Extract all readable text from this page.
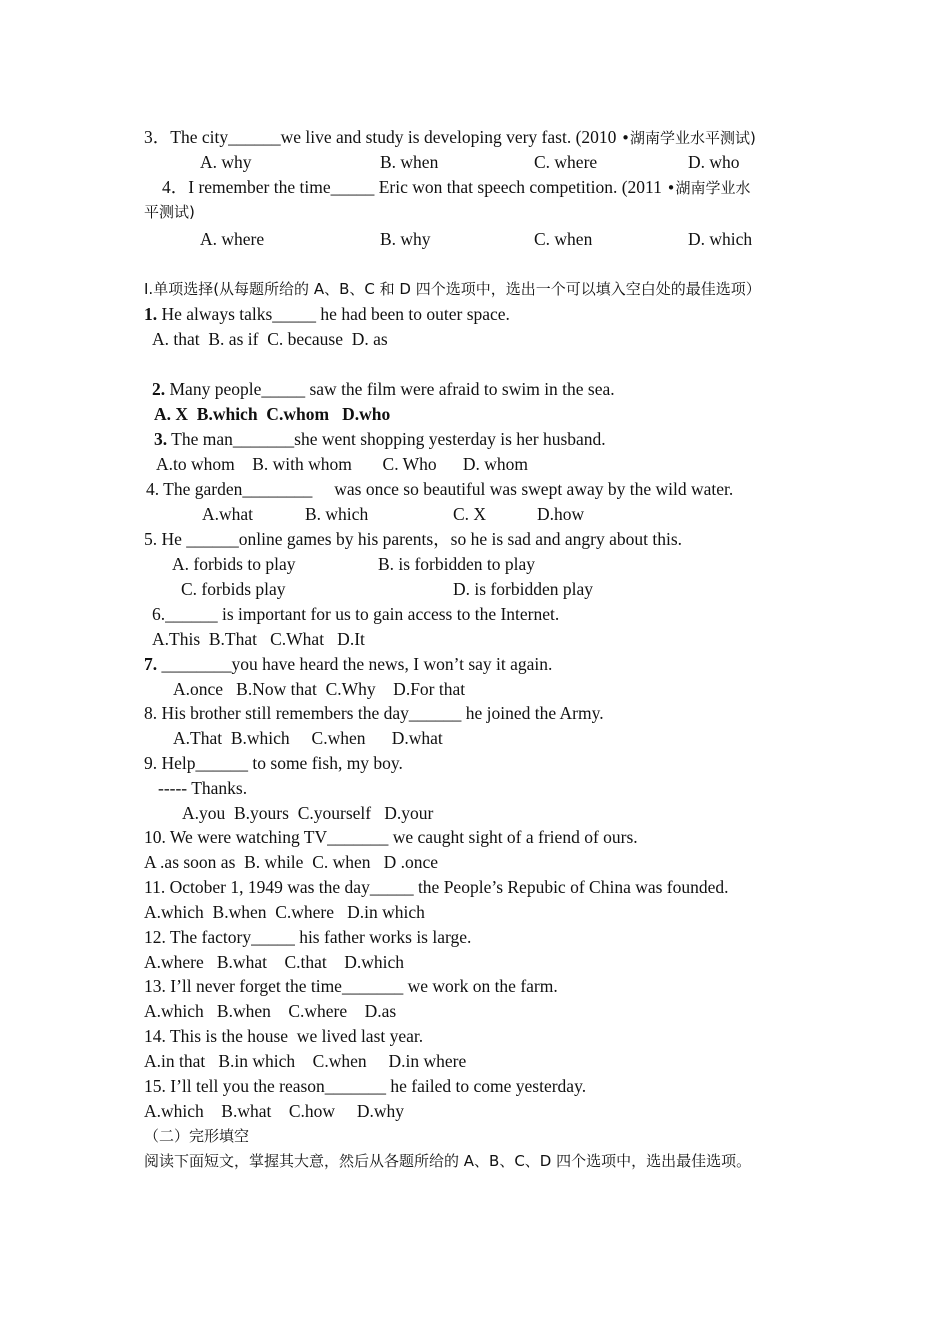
3．The city______we live and study is developing very fast. (2010 •湖南学业水平测试)
A. why	B. when	C. where	D. who
4．I remember the time_____ Eric won that speech competition. (2011 •湖南学业水
平测试)
A. where	B. why	C. when	D. which
I.单项选择(从每题所给的 A、B、C 和 D 四个选项中，选出一个可以填入空白处的最佳选项）
1. He always talks_____ he had been to outer space.
A. that  B. as if  C. because  D. as
2. Many people_____ saw the film were afraid to swim in the sea.
A. X  B.which  C.whom   D.who
3. The man_______she went shopping yesterday is her husband.
A.to whom    B. with whom       C. Who      D. whom
4. The garden________     was once so beautiful was swept away by the wild water.
A.what	B. which	C. X	D.how
5. He ______online games by his parents，so he is sad and angry about this.
A. forbids to play	B. is forbidden to play
C. forbids play	D. is forbidden play
6.______ is important for us to gain access to the Internet.
A.This  B.That   C.What   D.It
7. ________you have heard the news, I won’t say it again.
A.once   B.Now that  C.Why    D.For that
8. His brother still remembers the day______ he joined the Army.
A.That  B.which     C.when      D.what
9. Help______ to some fish, my boy.
----- Thanks.
A.you  B.yours  C.yourself   D.your
10. We were watching TV_______ we caught sight of a friend of ours.
A .as soon as  B. while  C. when   D .once
11. October 1, 1949 was the day_____ the People’s Repubic of China was founded.
A.which  B.when  C.where   D.in which
12. The factory_____ his father works is large.
A.where   B.what    C.that    D.which
13. I’ll never forget the time_______ we work on the farm.
A.which   B.when    C.where    D.as
14. This is the house  we lived last year.
A.in that   B.in which    C.when     D.in where
15. I’ll tell you the reason_______ he failed to come yesterday.
A.which    B.what    C.how     D.why
（二）完形填空
阅读下面短文，掌握其大意，然后从各题所给的 A、B、C、D 四个选项中，选出最佳选项。
